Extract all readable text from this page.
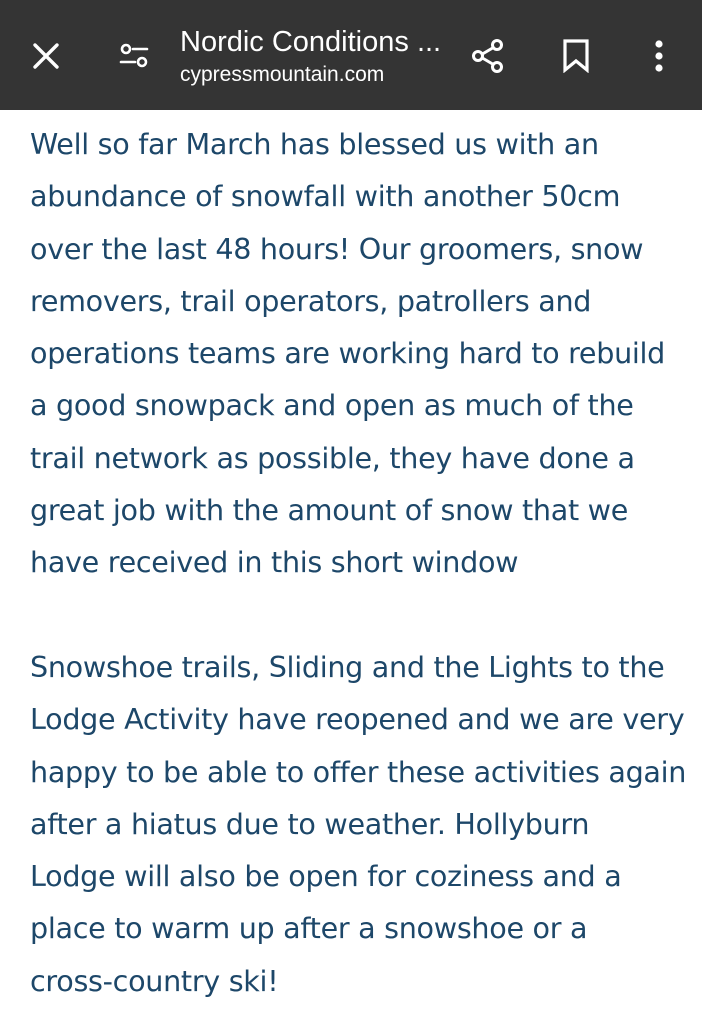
Nordic Conditions ...
cypressmountain.com

Well so far March has blessed us with an
abundance of snowfall with another 50cm
over the last 48 hours! Our groomers, snow
removers, trail operators, patrollers and
operations teams are working hard to rebuild
a good snowpack and open as much of the
trail network as possible, they have done a
great job with the amount of snow that we
have received in this short window

Snowshoe trails, Sliding and the Lights to the
Lodge Activity have reopened and we are very
happy to be able to offer these activities again
after a hiatus due to weather. Hollyburn
Lodge will also be open for coziness and a
place to warm up after a snowshoe or a
cross-country ski!
